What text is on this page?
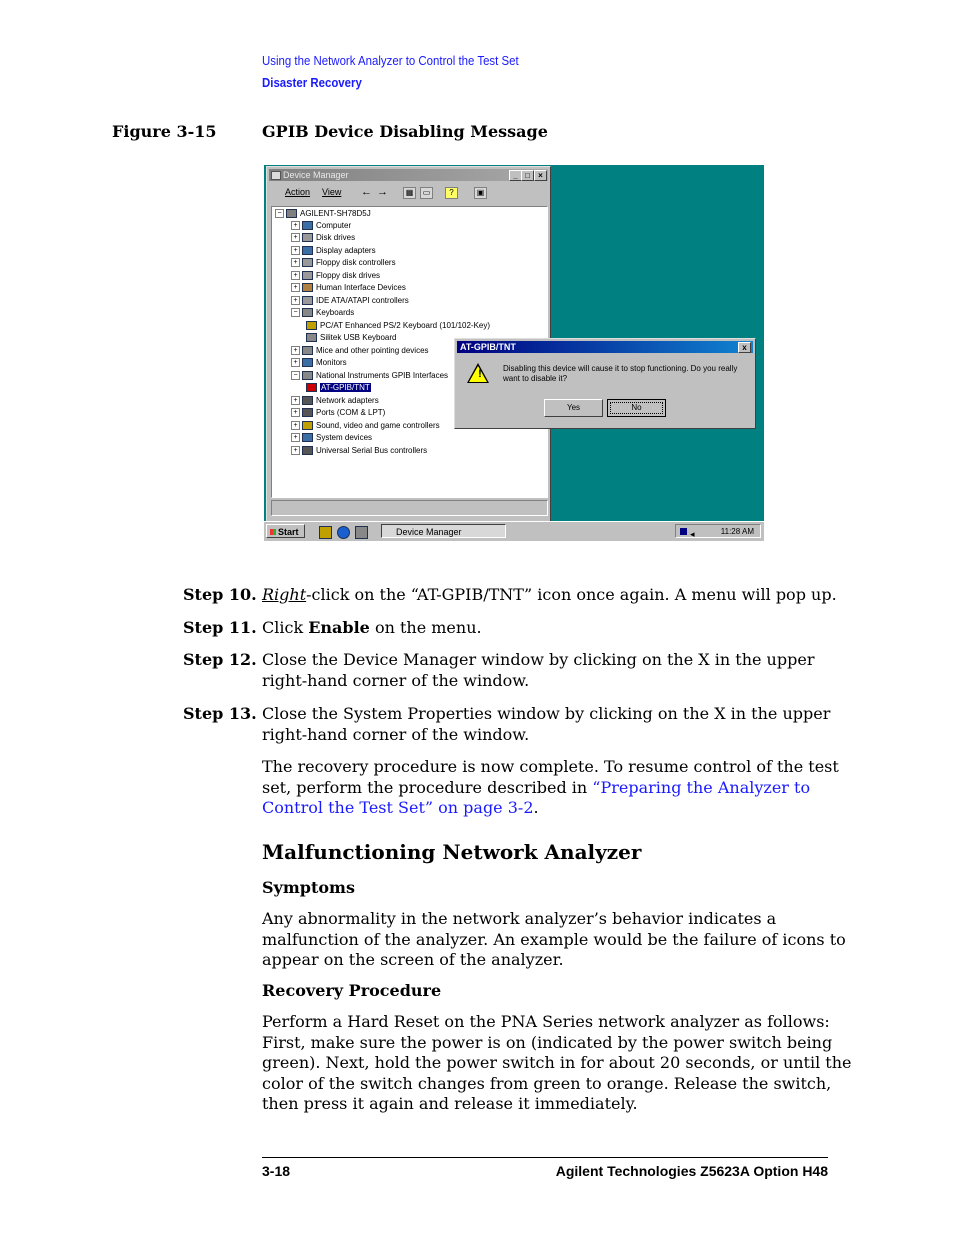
Using the Network Analyzer to Control the Test Set
Disaster Recovery
Figure 3-15	GPIB Device Disabling Message
Device Manager	_ □	×
Action View ← →	▦	▭	?	▣
− AGILENT-SH78D5J
+ Computer
+ Disk drives
+ Display adapters
+ Floppy disk controllers
+ Floppy disk drives
+ Human Interface Devices
+ IDE ATA/ATAPI controllers
− Keyboards
PC/AT Enhanced PS/2 Keyboard (101/102-Key)
Silitek USB Keyboard
+ Mice and other pointing devices
+ Monitors
− National Instruments GPIB Interfaces
AT-GPIB/TNT
+ Network adapters
+ Ports (COM & LPT)
+ Sound, video and game controllers
+ System devices
+ Universal Serial Bus controllers
AT-GPIB/TNT	x
!	Disabling this device will cause it to stop functioning. Do you really want to disable it?
Yes	No
Start	Device Manager	◂	11:28 AM
Step 10. Right-click on the “AT-GPIB/TNT” icon once again. A menu will pop up.
Step 11. Click Enable on the menu.
Step 12. Close the Device Manager window by clicking on the X in the upper
right-hand corner of the window.
Step 13. Close the System Properties window by clicking on the X in the upper
right-hand corner of the window.
The recovery procedure is now complete. To resume control of the test
set, perform the procedure described in “Preparing the Analyzer to
Control the Test Set” on page 3-2.
Malfunctioning Network Analyzer
Symptoms
Any abnormality in the network analyzer’s behavior indicates a
malfunction of the analyzer. An example would be the failure of icons to
appear on the screen of the analyzer.
Recovery Procedure
Perform a Hard Reset on the PNA Series network analyzer as follows:
First, make sure the power is on (indicated by the power switch being
green). Next, hold the power switch in for about 20 seconds, or until the
color of the switch changes from green to orange. Release the switch,
then press it again and release it immediately.
3-18	Agilent Technologies Z5623A Option H48
